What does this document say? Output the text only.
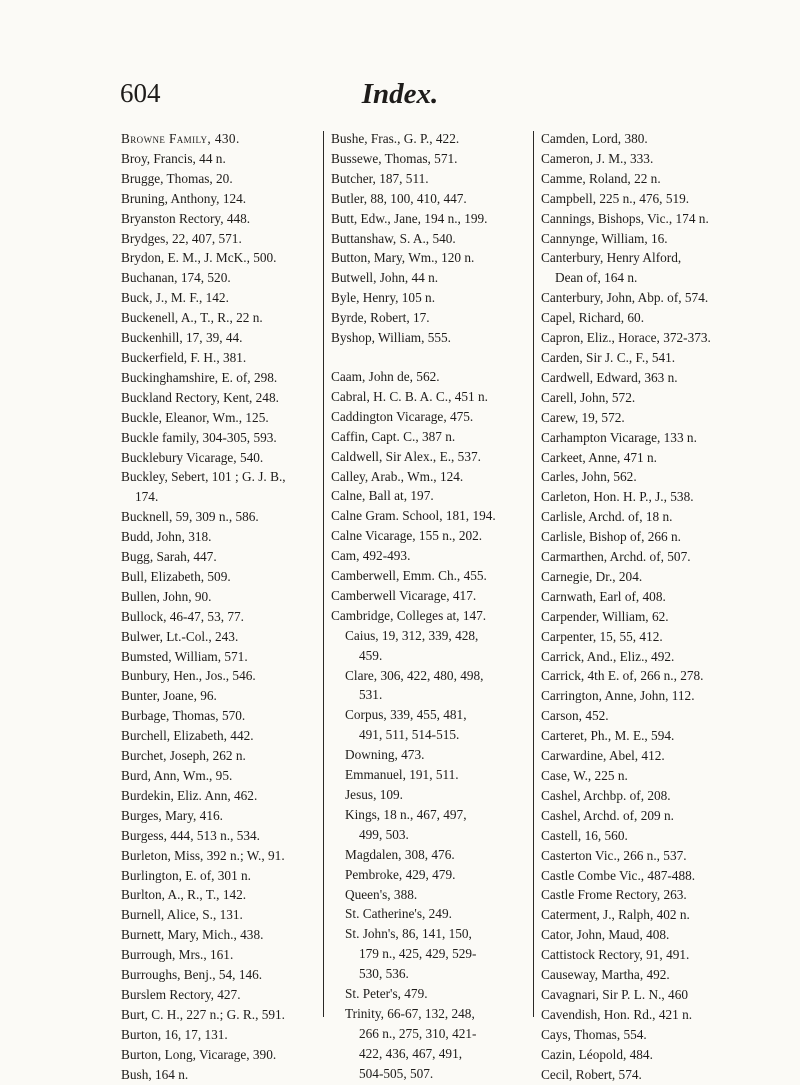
604	Index.
Browne Family, 430.
Broy, Francis, 44 n.
Brugge, Thomas, 20.
Bruning, Anthony, 124.
Bryanston Rectory, 448.
Brydges, 22, 407, 571.
Brydon, E. M., J. McK., 500.
Buchanan, 174, 520.
Buck, J., M. F., 142.
Buckenell, A., T., R., 22 n.
Buckenhill, 17, 39, 44.
Buckerfield, F. H., 381.
Buckinghamshire, E. of, 298.
Buckland Rectory, Kent, 248.
Buckle, Eleanor, Wm., 125.
Buckle family, 304-305, 593.
Bucklebury Vicarage, 540.
Buckley, Sebert, 101 ; G. J. B.,
174.
Bucknell, 59, 309 n., 586.
Budd, John, 318.
Bugg, Sarah, 447.
Bull, Elizabeth, 509.
Bullen, John, 90.
Bullock, 46-47, 53, 77.
Bulwer, Lt.-Col., 243.
Bumsted, William, 571.
Bunbury, Hen., Jos., 546.
Bunter, Joane, 96.
Burbage, Thomas, 570.
Burchell, Elizabeth, 442.
Burchet, Joseph, 262 n.
Burd, Ann, Wm., 95.
Burdekin, Eliz. Ann, 462.
Burges, Mary, 416.
Burgess, 444, 513 n., 534.
Burleton, Miss, 392 n.; W., 91.
Burlington, E. of, 301 n.
Burlton, A., R., T., 142.
Burnell, Alice, S., 131.
Burnett, Mary, Mich., 438.
Burrough, Mrs., 161.
Burroughs, Benj., 54, 146.
Burslem Rectory, 427.
Burt, C. H., 227 n.; G. R., 591.
Burton, 16, 17, 131.
Burton, Long, Vicarage, 390.
Bush, 164 n.
Bushe, Fras., G. P., 422.
Bussewe, Thomas, 571.
Butcher, 187, 511.
Butler, 88, 100, 410, 447.
Butt, Edw., Jane, 194 n., 199.
Buttanshaw, S. A., 540.
Button, Mary, Wm., 120 n.
Butwell, John, 44 n.
Byle, Henry, 105 n.
Byrde, Robert, 17.
Byshop, William, 555.
Caam, John de, 562.
Cabral, H. C. B. A. C., 451 n.
Caddington Vicarage, 475.
Caffin, Capt. C., 387 n.
Caldwell, Sir Alex., E., 537.
Calley, Arab., Wm., 124.
Calne, Ball at, 197.
Calne Gram. School, 181, 194.
Calne Vicarage, 155 n., 202.
Cam, 492-493.
Camberwell, Emm. Ch., 455.
Camberwell Vicarage, 417.
Cambridge, Colleges at, 147.
Caius, 19, 312, 339, 428,
459.
Clare, 306, 422, 480, 498,
531.
Corpus, 339, 455, 481,
491, 511, 514-515.
Downing, 473.
Emmanuel, 191, 511.
Jesus, 109.
Kings, 18 n., 467, 497,
499, 503.
Magdalen, 308, 476.
Pembroke, 429, 479.
Queen's, 388.
St. Catherine's, 249.
St. John's, 86, 141, 150,
179 n., 425, 429, 529-
530, 536.
St. Peter's, 479.
Trinity, 66-67, 132, 248,
266 n., 275, 310, 421-
422, 436, 467, 491,
504-505, 507.
Camden, Lord, 380.
Cameron, J. M., 333.
Camme, Roland, 22 n.
Campbell, 225 n., 476, 519.
Cannings, Bishops, Vic., 174 n.
Cannynge, William, 16.
Canterbury, Henry Alford,
Dean of, 164 n.
Canterbury, John, Abp. of, 574.
Capel, Richard, 60.
Capron, Eliz., Horace, 372-373.
Carden, Sir J. C., F., 541.
Cardwell, Edward, 363 n.
Carell, John, 572.
Carew, 19, 572.
Carhampton Vicarage, 133 n.
Carkeet, Anne, 471 n.
Carles, John, 562.
Carleton, Hon. H. P., J., 538.
Carlisle, Archd. of, 18 n.
Carlisle, Bishop of, 266 n.
Carmarthen, Archd. of, 507.
Carnegie, Dr., 204.
Carnwath, Earl of, 408.
Carpender, William, 62.
Carpenter, 15, 55, 412.
Carrick, And., Eliz., 492.
Carrick, 4th E. of, 266 n., 278.
Carrington, Anne, John, 112.
Carson, 452.
Carteret, Ph., M. E., 594.
Carwardine, Abel, 412.
Case, W., 225 n.
Cashel, Archbp. of, 208.
Cashel, Archd. of, 209 n.
Castell, 16, 560.
Casterton Vic., 266 n., 537.
Castle Combe Vic., 487-488.
Castle Frome Rectory, 263.
Caterment, J., Ralph, 402 n.
Cator, John, Maud, 408.
Cattistock Rectory, 91, 491.
Causeway, Martha, 492.
Cavagnari, Sir P. L. N., 460
Cavendish, Hon. Rd., 421 n.
Cays, Thomas, 554.
Cazin, Léopold, 484.
Cecil, Robert, 574.
